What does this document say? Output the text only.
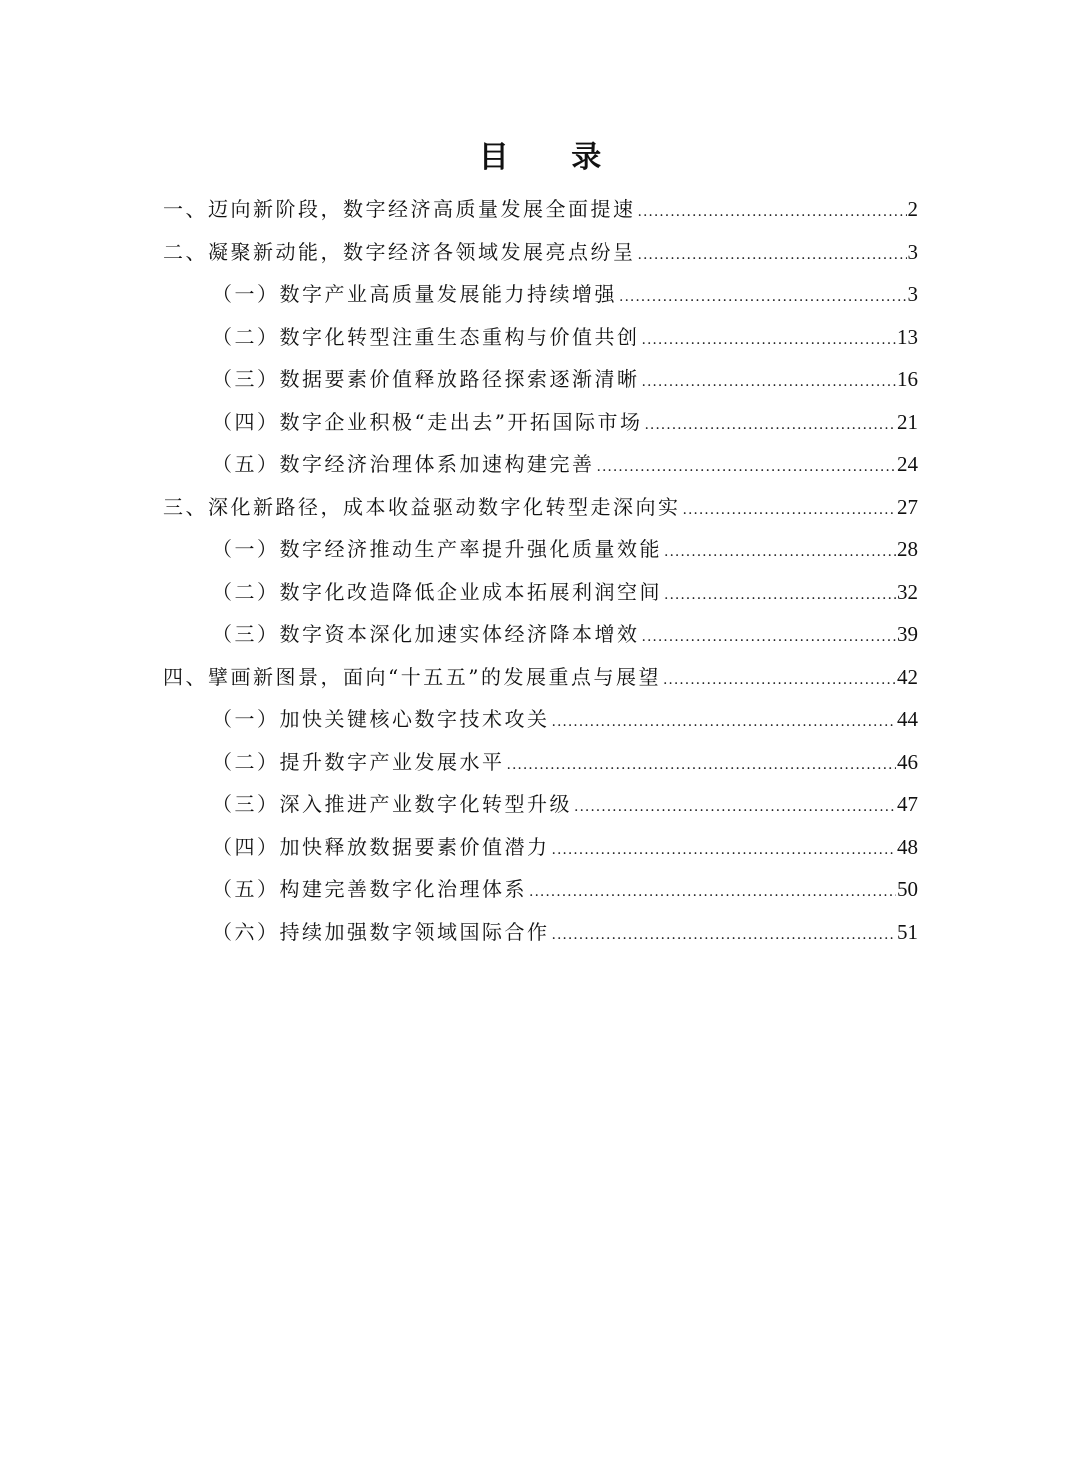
目 录
一、迈向新阶段，数字经济高质量发展全面提速 .....	2
二、凝聚新动能，数字经济各领域发展亮点纷呈 .....	3
（一）数字产业高质量发展能力持续增强 .....	3
（二）数字化转型注重生态重构与价值共创 .....	13
（三）数据要素价值释放路径探索逐渐清晰 .....	16
（四）数字企业积极“走出去”开拓国际市场 .....	21
（五）数字经济治理体系加速构建完善 .....	24
三、深化新路径，成本收益驱动数字化转型走深向实 .....	27
（一）数字经济推动生产率提升强化质量效能 .....	28
（二）数字化改造降低企业成本拓展利润空间 .....	32
（三）数字资本深化加速实体经济降本增效 .....	39
四、擘画新图景，面向“十五五”的发展重点与展望 .....	42
（一）加快关键核心数字技术攻关 .....	44
（二）提升数字产业发展水平 .....	46
（三）深入推进产业数字化转型升级 .....	47
（四）加快释放数据要素价值潜力 .....	48
（五）构建完善数字化治理体系 .....	50
（六）持续加强数字领域国际合作 .....	51
